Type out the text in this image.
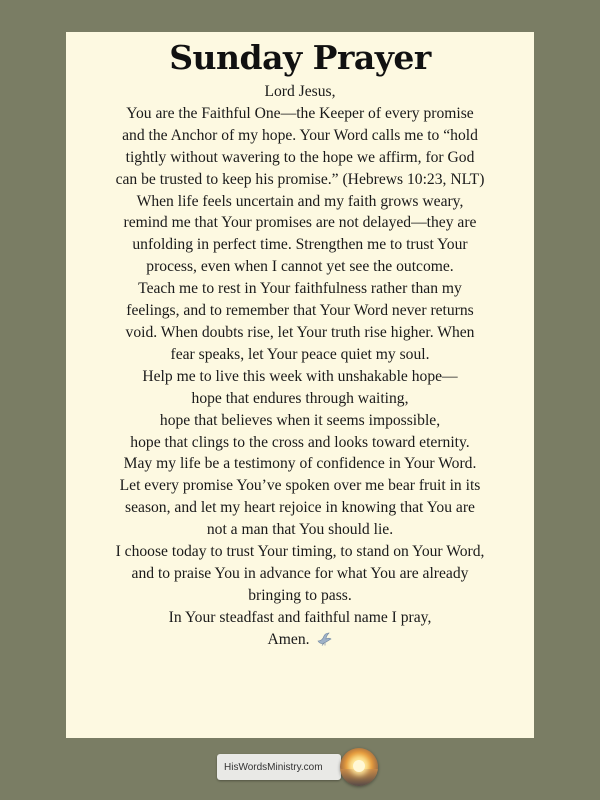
Sunday Prayer
Lord Jesus,
You are the Faithful One—the Keeper of every promise
and the Anchor of my hope. Your Word calls me to “hold
tightly without wavering to the hope we affirm, for God
can be trusted to keep his promise.” (Hebrews 10:23, NLT)
When life feels uncertain and my faith grows weary,
remind me that Your promises are not delayed—they are
unfolding in perfect time. Strengthen me to trust Your
process, even when I cannot yet see the outcome.
Teach me to rest in Your faithfulness rather than my
feelings, and to remember that Your Word never returns
void. When doubts rise, let Your truth rise higher. When
fear speaks, let Your peace quiet my soul.
Help me to live this week with unshakable hope—
hope that endures through waiting,
hope that believes when it seems impossible,
hope that clings to the cross and looks toward eternity.
May my life be a testimony of confidence in Your Word.
Let every promise You’ve spoken over me bear fruit in its
season, and let my heart rejoice in knowing that You are
not a man that You should lie.
I choose today to trust Your timing, to stand on Your Word,
and to praise You in advance for what You are already
bringing to pass.
In Your steadfast and faithful name I pray,
Amen.
HisWordsMinistry.com
